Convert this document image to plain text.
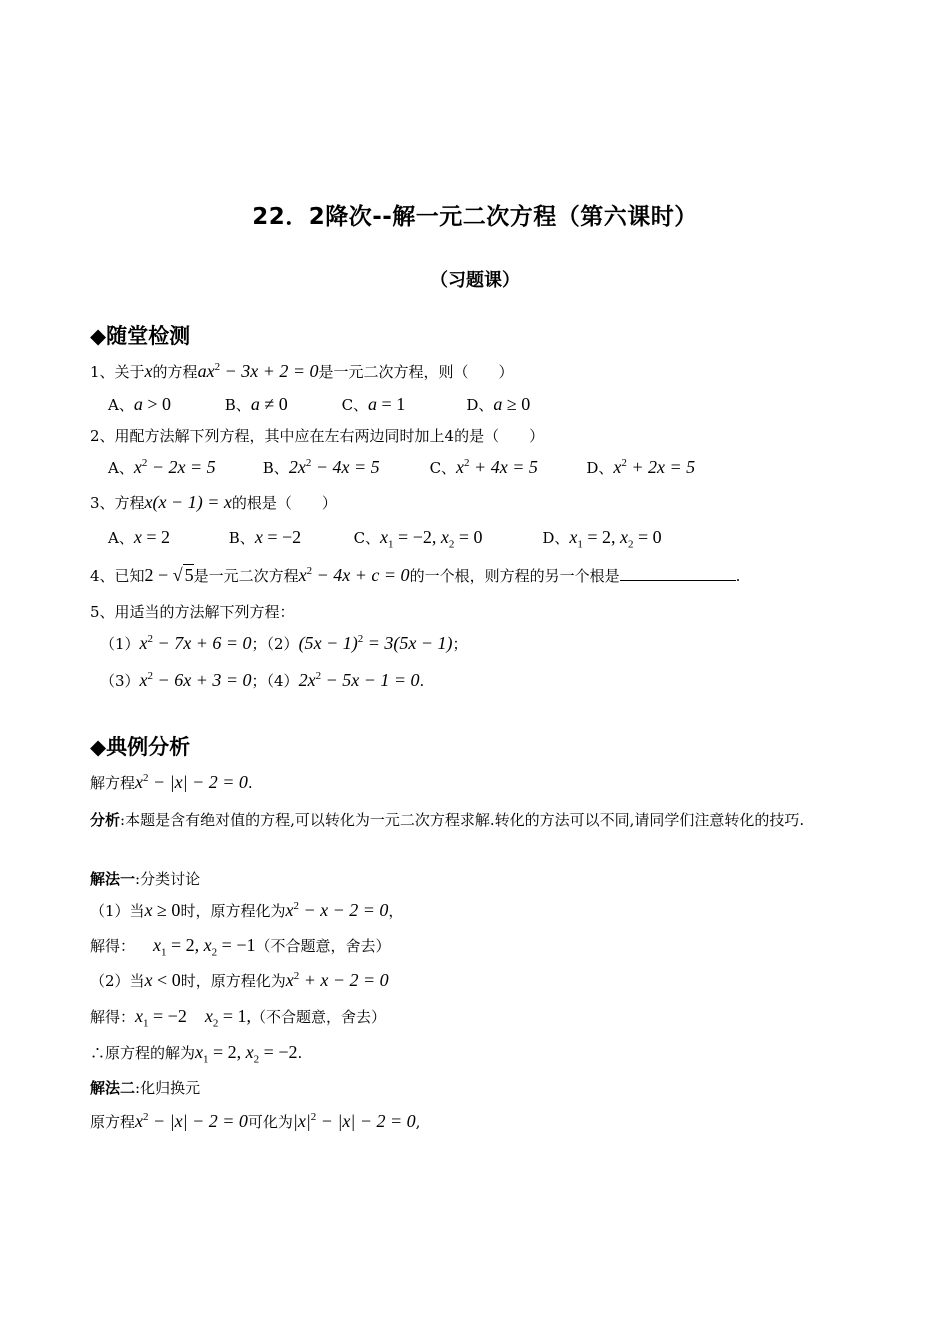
22．2降次--解一元二次方程（第六课时）
（习题课）
◆随堂检测
1、关于x的方程$ax^2 - 3x + 2 = 0$是一元二次方程，则（　　）
A、a > 0	B、a ≠ 0	C、a = 1	D、a ≥ 0
2、用配方法解下列方程，其中应在左右两边同时加上4的是（　　）
A、$x^2 - 2x = 5$	B、$2x^2 - 4x = 5$	C、$x^2 + 4x = 5$	D、$x^2 + 2x = 5$
3、方程x(x − 1) = x的根是（　　）
A、x = 2	B、x = −2	C、$x_1 = -2$, $x_2 = 0$	D、$x_1 = 2$, $x_2 = 0$
4、已知2 − √ 5是一元二次方程$x^2 - 4x + c = 0$的一个根，则方程的另一个根是	.
5、用适当的方法解下列方程：
$(1)x^2 - 7x + 6 = 0$；$(2)(5x - 1)^2 = 3(5x - 1)$；
$(3)x^2 - 6x + 3 = 0$；$(4)2x^2 - 5x - 1 = 0$.
◆典例分析
解方程$x^2 - |x| - 2 = 0$.
分析:本题是含有绝对值的方程,可以转化为一元二次方程求解.转化的方法可以不同,请同学们注意转化的技巧.
解法一:分类讨论
（1）当x ≥ 0时，原方程化为$x^2 - x - 2 = 0$，
解得： $x_1 = 2$, $x_2 = -1$（不合题意，舍去）
（2）当x < 0时，原方程化为$x^2 + x - 2 = 0$
解得：$x_1 = -2$ $x_2 = 1$,（不合题意，舍去）
∴原方程的解为$x_1 = 2$, $x_2 = -2$.
解法二:化归换元
原方程$x^2 - |x| - 2 = 0$可化为$|x|^2 - |x| - 2 = 0$,
